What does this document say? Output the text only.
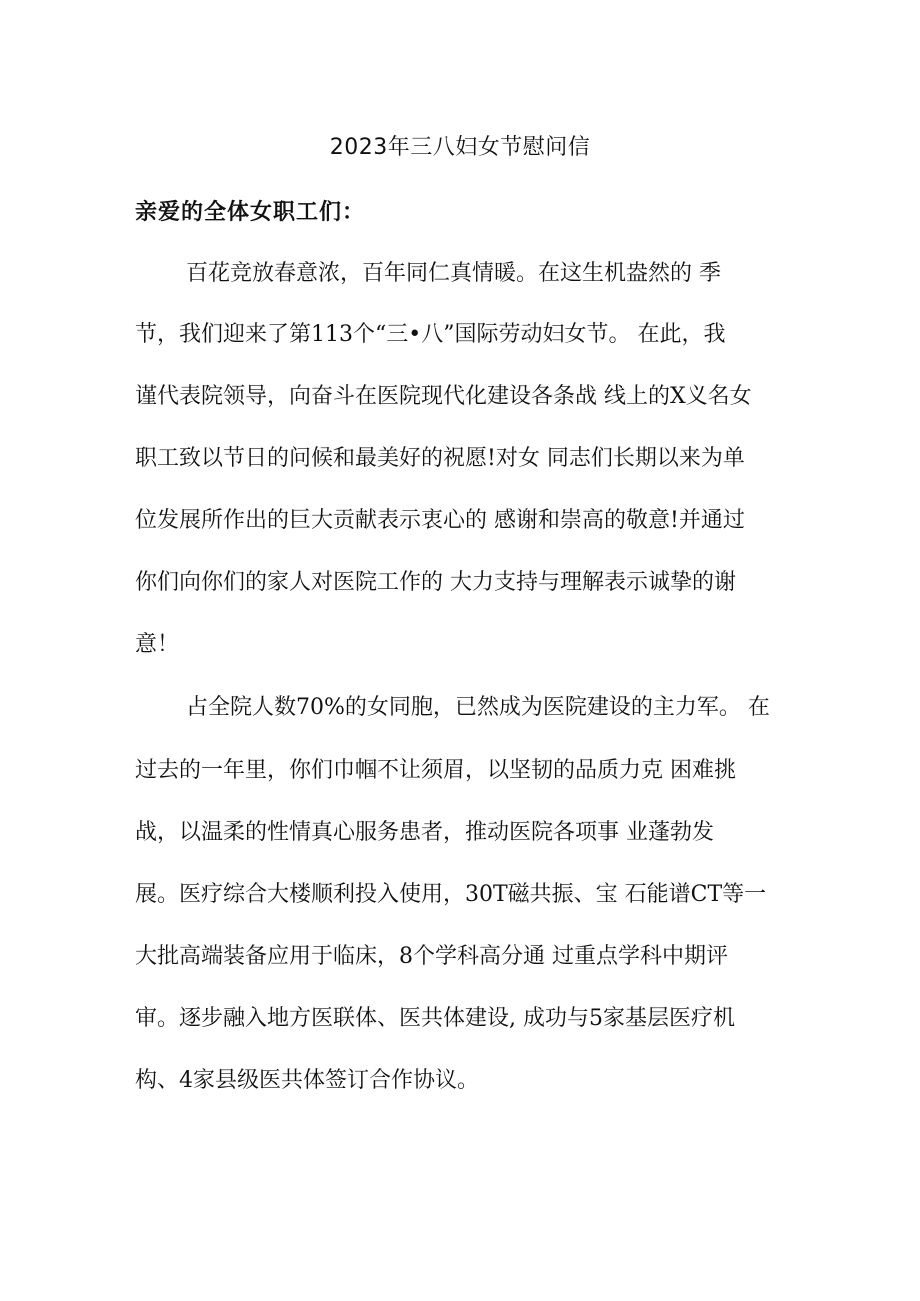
2023年三八妇女节慰问信
亲爱的全体女职工们：
百花竞放春意浓，百年同仁真情暖。在这生机盎然的 季
节，我们迎来了第113个“三•八”国际劳动妇女节。 在此，我
谨代表院领导，向奋斗在医院现代化建设各条战 线上的X义名女
职工致以节日的问候和最美好的祝愿!对女 同志们长期以来为单
位发展所作出的巨大贡献表示衷心的 感谢和崇高的敬意!并通过
你们向你们的家人对医院工作的 大力支持与理解表示诚挚的谢
意！
占全院人数70%的女同胞，已然成为医院建设的主力军。 在
过去的一年里，你们巾帼不让须眉，以坚韧的品质力克 困难挑
战，以温柔的性情真心服务患者，推动医院各项事 业蓬勃发
展。医疗综合大楼顺利投入使用，30T磁共振、宝 石能谱CT等一
大批高端装备应用于临床，8个学科高分通 过重点学科中期评
审。逐步融入地方医联体、医共体建设, 成功与5家基层医疗机
构、4家县级医共体签订合作协议。
